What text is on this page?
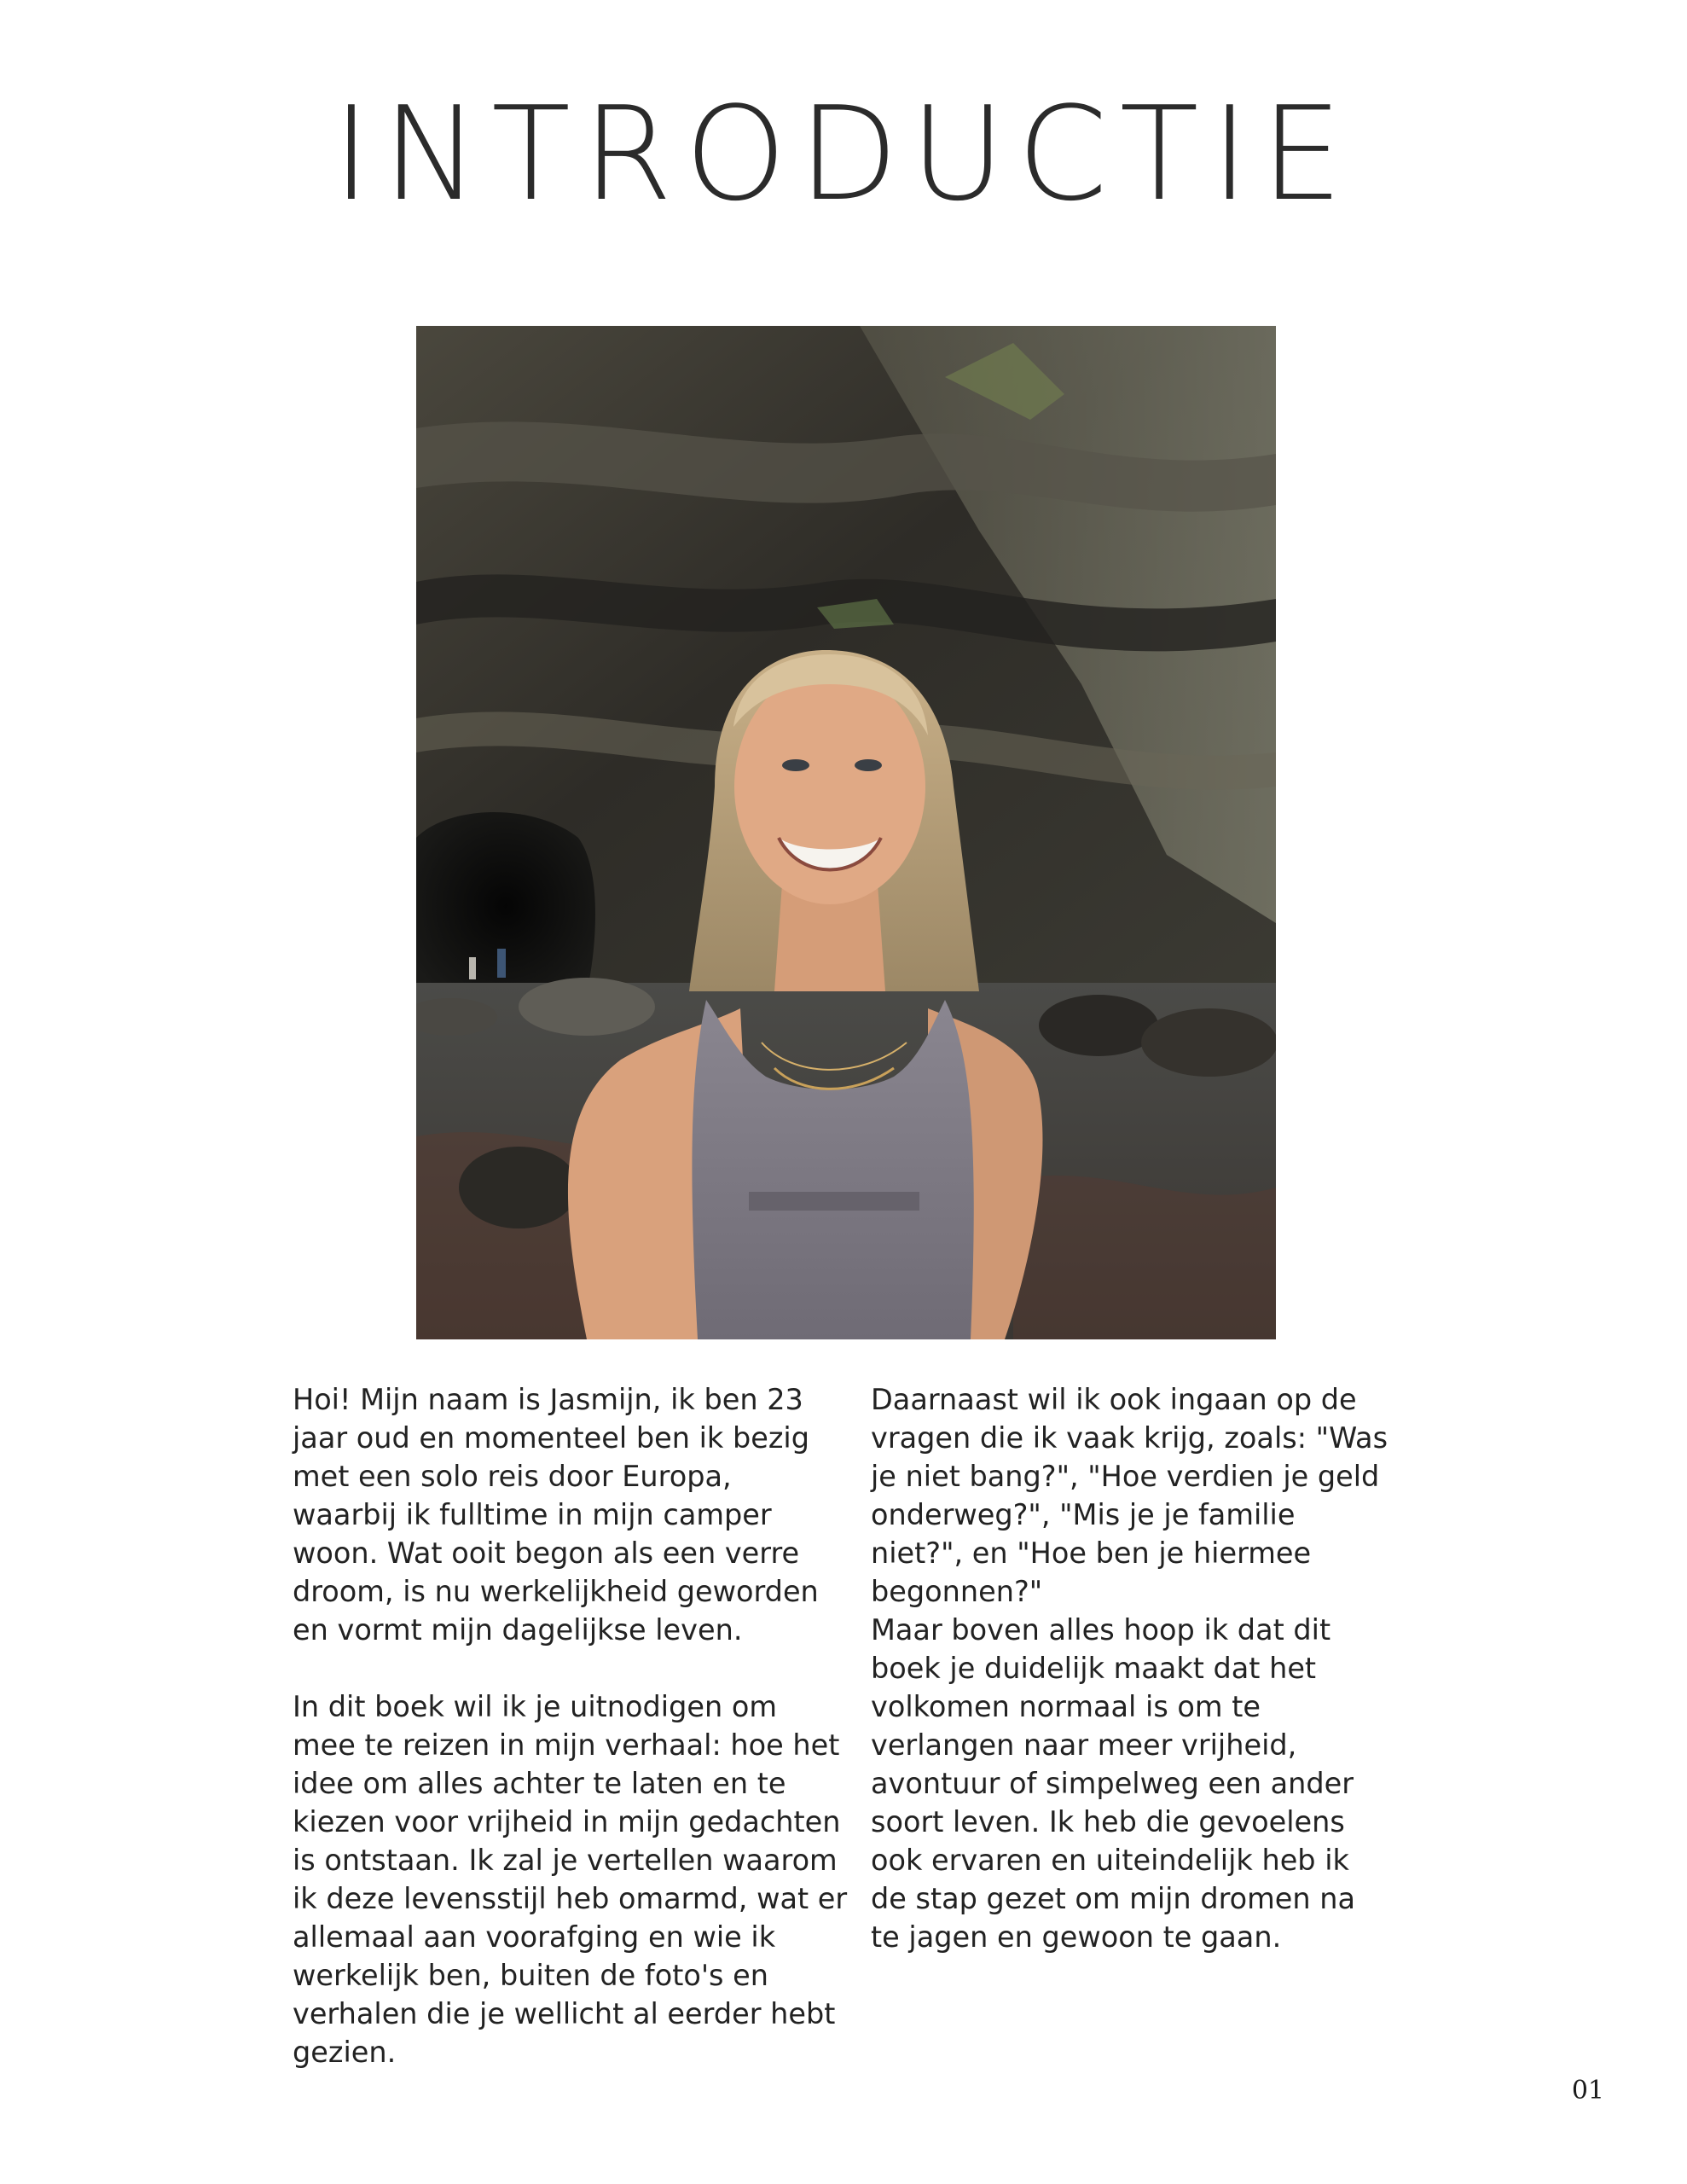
INTRODUCTIE

Hoi! Mijn naam is Jasmijn, ik ben 23
jaar oud en momenteel ben ik bezig
met een solo reis door Europa,
waarbij ik fulltime in mijn camper
woon. Wat ooit begon als een verre
droom, is nu werkelijkheid geworden
en vormt mijn dagelijkse leven.

In dit boek wil ik je uitnodigen om
mee te reizen in mijn verhaal: hoe het
idee om alles achter te laten en te
kiezen voor vrijheid in mijn gedachten
is ontstaan. Ik zal je vertellen waarom
ik deze levensstijl heb omarmd, wat er
allemaal aan voorafging en wie ik
werkelijk ben, buiten de foto's en
verhalen die je wellicht al eerder hebt
gezien.

Daarnaast wil ik ook ingaan op de
vragen die ik vaak krijg, zoals: "Was
je niet bang?", "Hoe verdien je geld
onderweg?", "Mis je je familie
niet?", en "Hoe ben je hiermee
begonnen?"

Maar boven alles hoop ik dat dit
boek je duidelijk maakt dat het
volkomen normaal is om te
verlangen naar meer vrijheid,
avontuur of simpelweg een ander
soort leven. Ik heb die gevoelens
ook ervaren en uiteindelijk heb ik
de stap gezet om mijn dromen na
te jagen en gewoon te gaan.

01
